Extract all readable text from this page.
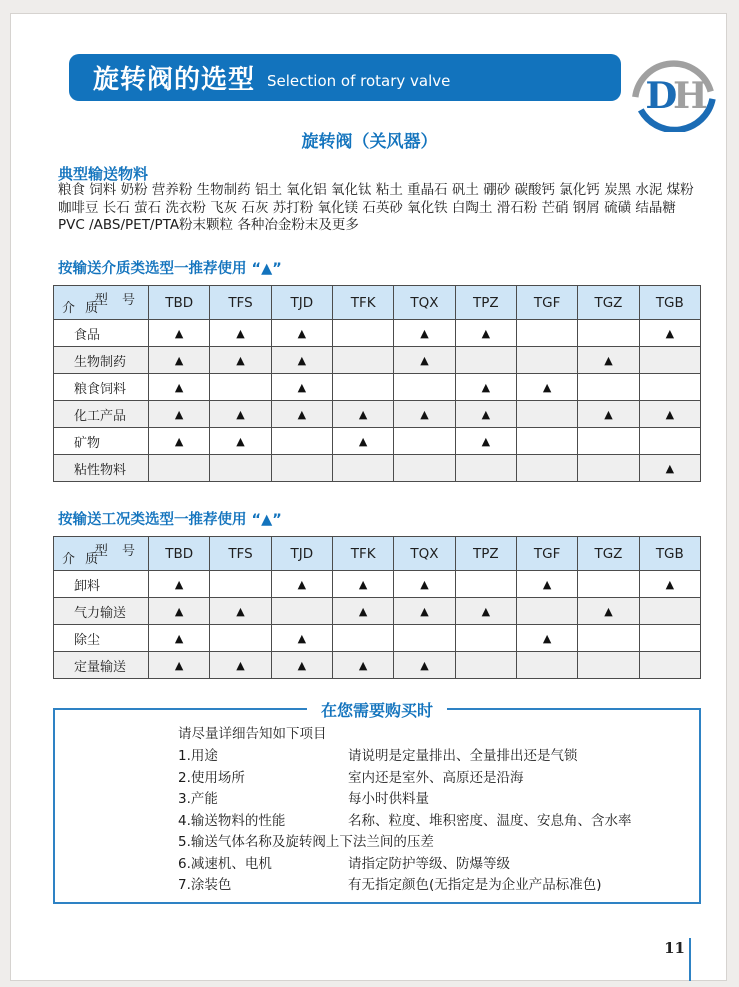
旋转阀的选型 Selection of rotary valve	D
H
旋转阀（关风器）
典型输送物料
粮食 饲料 奶粉 营养粉 生物制药 铝土 氧化铝 氧化钛 粘土 重晶石 矾土 硼砂 碳酸钙 氯化钙 炭黑 水泥 煤粉 咖啡豆 长石 萤石 洗衣粉 飞灰 石灰 苏打粉 氧化镁 石英砂 氧化铁 白陶土 滑石粉 芒硝 钢屑 硫磺 结晶糖 PVC /ABS/PET/PTA粉末颗粒 各种冶金粉末及更多
按输送介质类选型一推荐使用 “▲”
型 号
介 质	TBD	TFS	TJD	TFK	TQX	TPZ	TGF	TGZ	TGB
食品	▲	▲	▲		▲	▲			▲
生物制药	▲	▲	▲		▲			▲	
粮食饲料	▲		▲			▲	▲		
化工产品	▲	▲	▲	▲	▲	▲		▲	▲
矿物	▲	▲		▲		▲			
粘性物料									▲
按输送工况类选型一推荐使用 “▲”
型 号
介 质	TBD	TFS	TJD	TFK	TQX	TPZ	TGF	TGZ	TGB
卸料	▲		▲	▲	▲		▲		▲
气力输送	▲	▲		▲	▲	▲		▲	
除尘	▲		▲				▲		
定量输送	▲	▲	▲	▲	▲				
在您需要购买时
请尽量详细告知如下项目
1.用途	请说明是定量排出、全量排出还是气锁
2.使用场所	室内还是室外、高原还是沿海
3.产能	每小时供料量
4.输送物料的性能	名称、粒度、堆积密度、温度、安息角、含水率
5.输送气体名称及旋转阀上下法兰间的压差
6.减速机、电机	请指定防护等级、防爆等级
7.涂装色	有无指定颜色(无指定是为企业产品标准色)
11
